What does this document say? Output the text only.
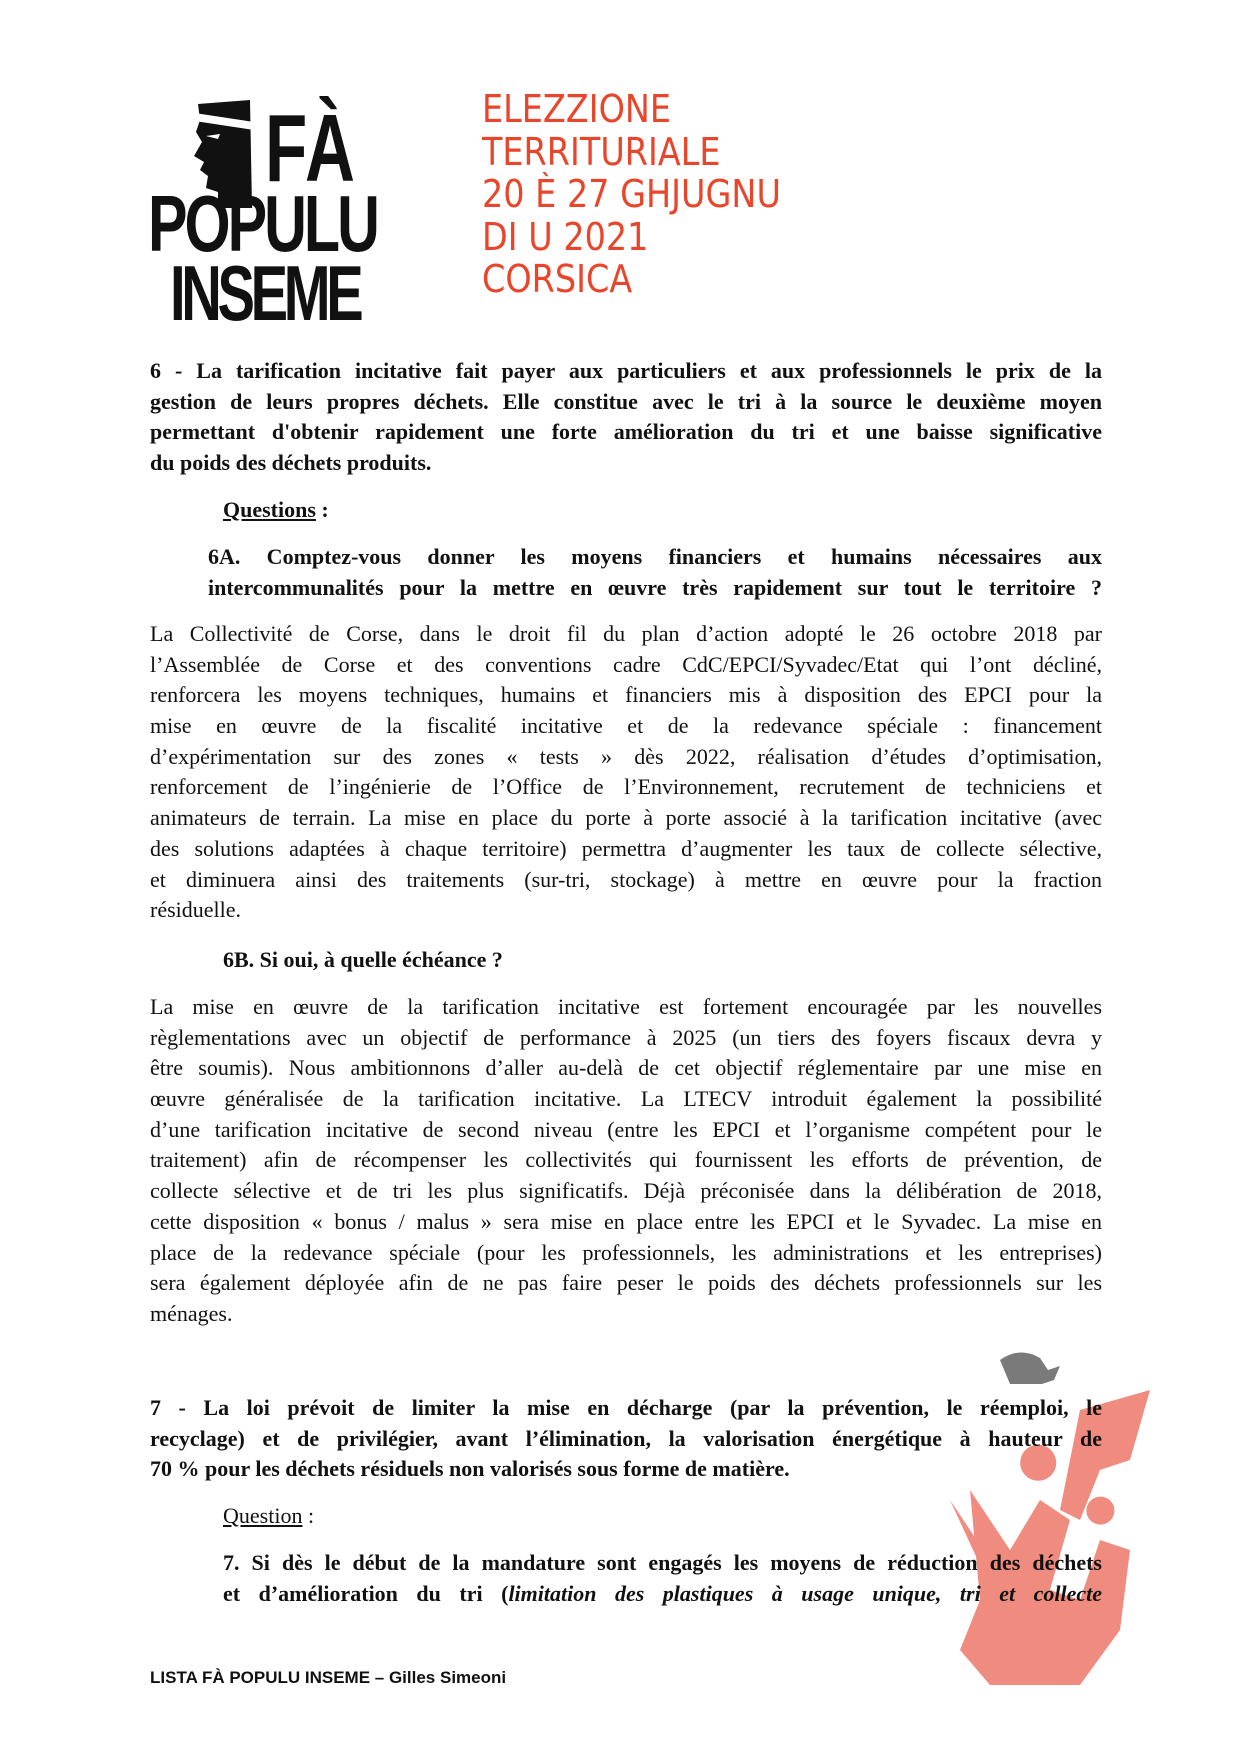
FÀ
POPULU
INSEME
ELEZZIONE
TERRITURIALE
20 È 27 GHJUGNU
DI U 2021
CORSICA
6 - La tarification incitative fait payer aux particuliers et aux professionnels le prix de la
gestion de leurs propres déchets. Elle constitue avec le tri à la source le deuxième moyen
permettant d'obtenir rapidement une forte amélioration du tri et une baisse significative
du poids des déchets produits.
Questions :
6A. Comptez-vous donner les moyens financiers et humains nécessaires aux
intercommunalités pour la mettre en œuvre très rapidement sur tout le territoire ?
La Collectivité de Corse, dans le droit fil du plan d’action adopté le 26 octobre 2018 par
l’Assemblée de Corse et des conventions cadre CdC/EPCI/Syvadec/Etat qui l’ont décliné,
renforcera les moyens techniques, humains et financiers mis à disposition des EPCI pour la
mise en œuvre de la fiscalité incitative et de la redevance spéciale : financement
d’expérimentation sur des zones « tests » dès 2022, réalisation d’études d’optimisation,
renforcement de l’ingénierie de l’Office de l’Environnement, recrutement de techniciens et
animateurs de terrain. La mise en place du porte à porte associé à la tarification incitative (avec
des solutions adaptées à chaque territoire) permettra d’augmenter les taux de collecte sélective,
et diminuera ainsi des traitements (sur-tri, stockage) à mettre en œuvre pour la fraction
résiduelle.
6B. Si oui, à quelle échéance ?
La mise en œuvre de la tarification incitative est fortement encouragée par les nouvelles
règlementations avec un objectif de performance à 2025 (un tiers des foyers fiscaux devra y
être soumis). Nous ambitionnons d’aller au-delà de cet objectif réglementaire par une mise en
œuvre généralisée de la tarification incitative. La LTECV introduit également la possibilité
d’une tarification incitative de second niveau (entre les EPCI et l’organisme compétent pour le
traitement) afin de récompenser les collectivités qui fournissent les efforts de prévention, de
collecte sélective et de tri les plus significatifs. Déjà préconisée dans la délibération de 2018,
cette disposition « bonus / malus » sera mise en place entre les EPCI et le Syvadec. La mise en
place de la redevance spéciale (pour les professionnels, les administrations et les entreprises)
sera également déployée afin de ne pas faire peser le poids des déchets professionnels sur les
ménages.
7 - La loi prévoit de limiter la mise en décharge (par la prévention, le réemploi, le
recyclage) et de privilégier, avant l’élimination, la valorisation énergétique à hauteur de
70 % pour les déchets résiduels non valorisés sous forme de matière.
Question :
7. Si dès le début de la mandature sont engagés les moyens de réduction des déchets
et d’amélioration du tri (limitation des plastiques à usage unique, tri et collecte
LISTA FÀ POPULU INSEME – Gilles Simeoni
